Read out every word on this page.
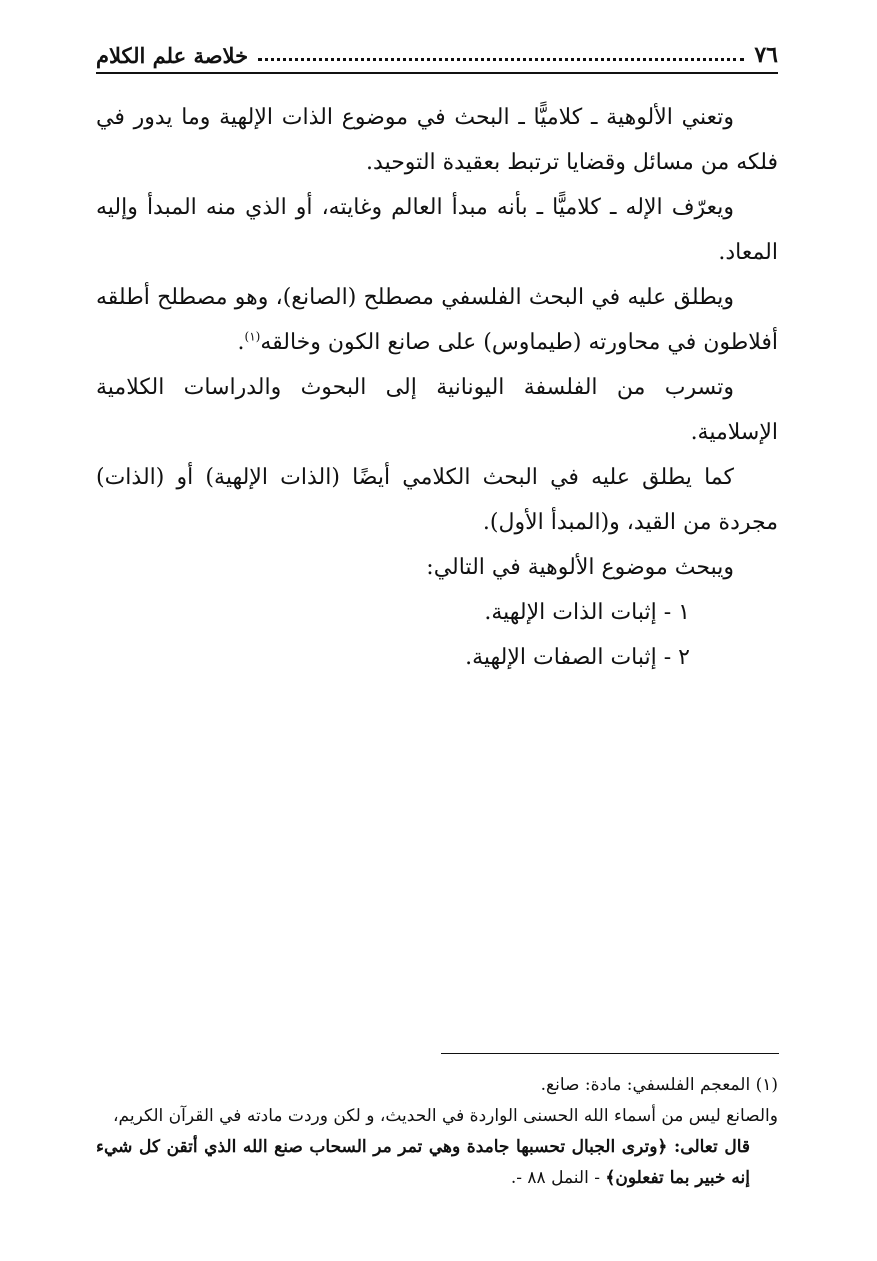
٧٦
خلاصة علم الكلام

وتعني الألوهية ـ كلاميًّا ـ البحث في موضوع الذات الإلهية وما يدور في فلكه من مسائل وقضايا ترتبط بعقيدة التوحيد.

ويعرّف الإله ـ كلاميًّا ـ بأنه مبدأ العالم وغايته، أو الذي منه المبدأ وإليه المعاد.

ويطلق عليه في البحث الفلسفي مصطلح (الصانع)، وهو مصطلح أطلقه أفلاطون في محاورته (طيماوس) على صانع الكون وخالقه$^{(١)}$.

وتسرب من الفلسفة اليونانية إلى البحوث والدراسات الكلامية الإسلامية.

كما يطلق عليه في البحث الكلامي أيضًا (الذات الإلهية) أو (الذات) مجردة من القيد، و(المبدأ الأول).

ويبحث موضوع الألوهية في التالي:

١ - إثبات الذات الإلهية.

٢ - إثبات الصفات الإلهية.

(١) المعجم الفلسفي: مادة: صانع.

والصانع ليس من أسماء الله الحسنى الواردة في الحديث، و لكن وردت مادته في القرآن الكريم،

قال تعالى: ﴿وترى الجبال تحسبها جامدة وهي تمر مر السحاب صنع الله الذي أتقن كل شيء إنه خبير بما تفعلون﴾ - النمل ٨٨ -.
